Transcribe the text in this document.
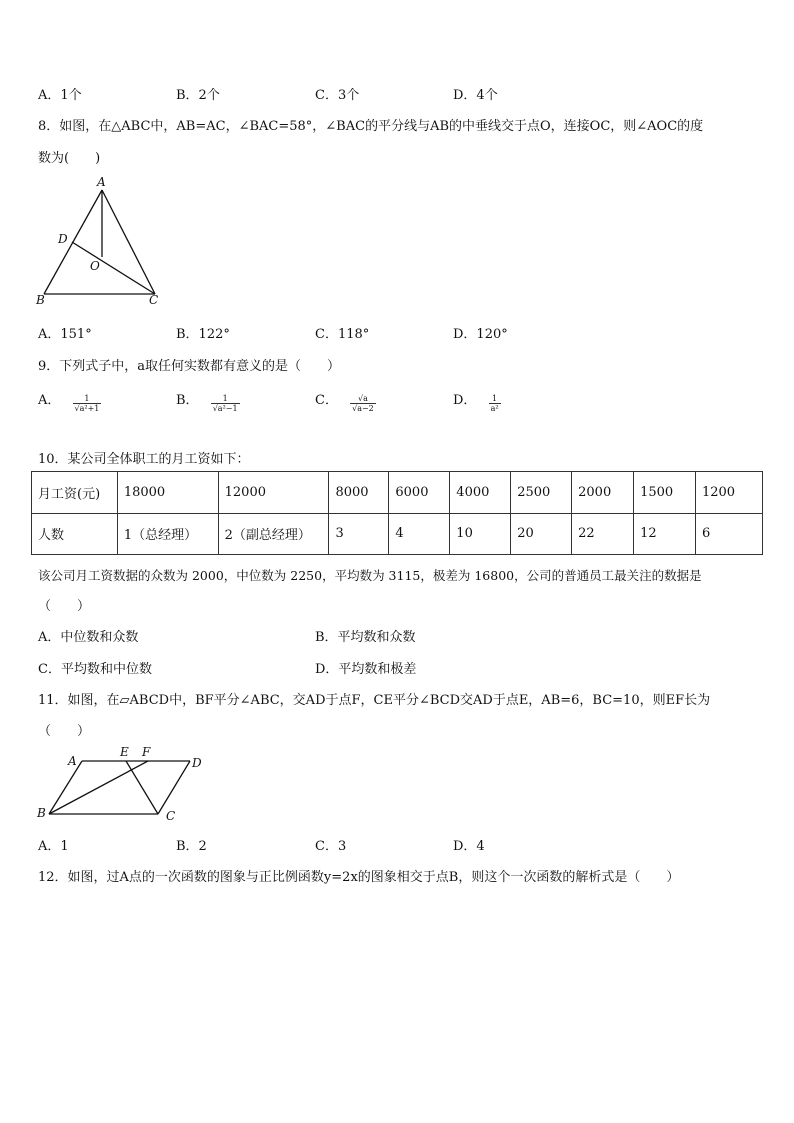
A．1个	B．2个	C．3个	D．4个
8．如图，在△ABC中，AB=AC，∠BAC=58°，∠BAC的平分线与AB的中垂线交于点O，连接OC，则∠AOC的度
数为(　　)
A
D
O
B	C
A．151°	B．122°	C．118°	D．120°
9．下列式子中，a取任何实数都有意义的是（　　）
A． $\frac{1}{\text{√a²+1}}$	B． $\frac{1}{\text{√a²−1}}$	C． $\frac{√a}{√a-2}$	D． $\frac{1}{\text{a²}}$
10．某公司全体职工的月工资如下：
月工资(元)	18000	12000	8000	6000	4000	2500	2000	1500	1200
人数	1（总经理）	2（副总经理）	3	4	10	20	22	12	6
该公司月工资数据的众数为 2000，中位数为 2250，平均数为 3115，极差为 16800，公司的普通员工最关注的数据是
（　　）
A．中位数和众数	B．平均数和众数
C．平均数和中位数	D．平均数和极差
11．如图，在▱ABCD中，BF平分∠ABC，交AD于点F，CE平分∠BCD交AD于点E，AB=6，BC=10，则EF长为
（　　）
A
E F
D
B	C
A．1	B．2	C．3	D．4
12．如图，过A点的一次函数的图象与正比例函数y=2x的图象相交于点B，则这个一次函数的解析式是（　　）
